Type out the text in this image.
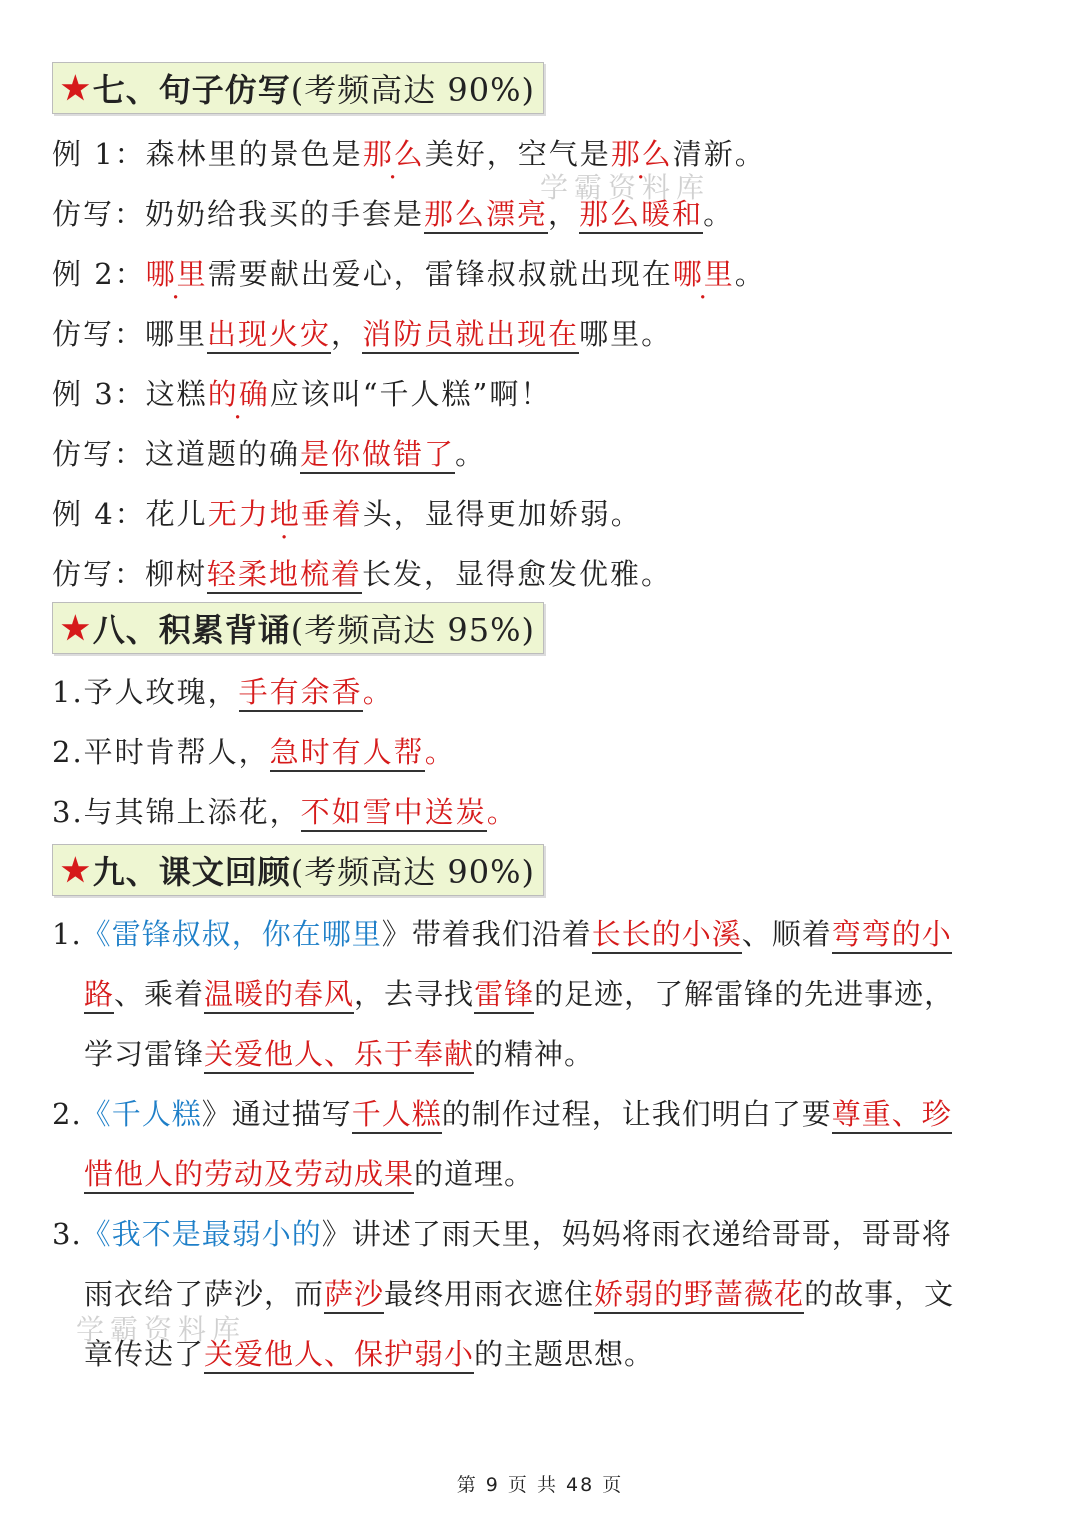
★ 七、句子仿写 (考频高达 90%)
例 1：森林里的景色是那么美好，空气是那么清新。
仿写：奶奶给我买的手套是那么漂亮，那么暖和。
例 2：哪里需要献出爱心，雷锋叔叔就出现在哪里。
仿写：哪里出现火灾，消防员就出现在哪里。
例 3：这糕的确应该叫“千人糕”啊！
仿写：这道题的确是你做错了。
例 4：花儿无力地垂着 ·头，显得更加娇弱。
仿写：柳树轻柔地梳着长发，显得愈发优雅。
★ 八、积累背诵 (考频高达 95%)
1.予人玫瑰，手有余香。
2.平时肯帮人，急时有人帮。
3.与其锦上添花，不如雪中送炭。
★ 九、课文回顾 (考频高达 90%)
1.《雷锋叔叔，你在哪里》带着我们沿着长长的小溪、顺着弯弯的小
路、乘着温暖的春风，去寻找雷锋的足迹，了解雷锋的先进事迹，
学习雷锋关爱他人、乐于奉献的精神。
2.《千人糕》通过描写千人糕的制作过程，让我们明白了要尊重、珍
惜他人的劳动及劳动成果的道理。
3.《我不是最弱小的》讲述了雨天里，妈妈将雨衣递给哥哥，哥哥将
雨衣给了萨沙，而萨沙最终用雨衣遮住娇弱的野蔷薇花的故事，文
章传达了关爱他人、保护弱小的主题思想。
学霸资料库
学霸资料库
第 9 页 共 48 页
